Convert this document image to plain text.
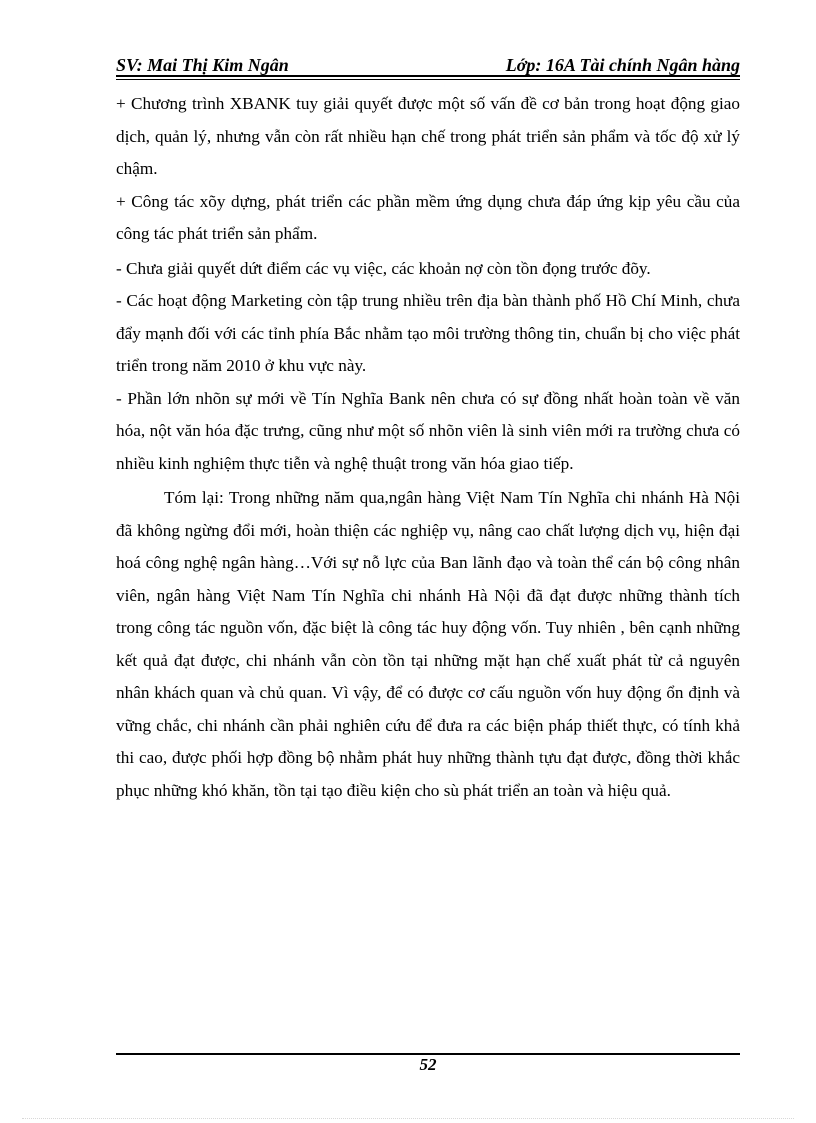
SV: Mai Thị Kim Ngân	Lớp: 16A Tài chính Ngân hàng

+ Chương trình XBANK tuy giải quyết được một số vấn đề cơ bản trong hoạt động giao dịch, quản lý, nhưng vẫn còn rất nhiều hạn chế trong phát triển sản phẩm và tốc độ xử lý chậm.

+ Công tác xõy dựng, phát triển các phần mềm ứng dụng chưa đáp ứng kịp yêu cầu của công tác phát triển sản phẩm.

- Chưa giải quyết dứt điểm các vụ việc, các khoản nợ còn tồn đọng trước đõy.

- Các hoạt động Marketing còn tập trung nhiều trên địa bàn thành phố Hồ Chí Minh, chưa đẩy mạnh đối với các tỉnh phía Bắc nhằm tạo môi trường thông tin, chuẩn bị cho việc phát triển trong năm 2010 ở khu vực này.

- Phần lớn nhõn sự mới về Tín Nghĩa Bank nên chưa có sự đồng nhất hoàn toàn về văn hóa, nột văn hóa đặc trưng, cũng như một số nhõn viên là sinh viên mới ra trường chưa có nhiều kinh nghiệm thực tiễn và nghệ thuật trong văn hóa giao tiếp.

Tóm lại: Trong những năm qua,ngân hàng Việt Nam Tín Nghĩa chi nhánh Hà Nội đã không ngừng đổi mới, hoàn thiện các nghiệp vụ, nâng cao chất lượng dịch vụ, hiện đại hoá công nghệ ngân hàng…Với sự nỗ lực của Ban lãnh đạo và toàn thể cán bộ công nhân viên, ngân hàng Việt Nam Tín Nghĩa chi nhánh Hà Nội đã đạt được những thành tích trong công tác nguồn vốn, đặc biệt là công tác huy động vốn. Tuy nhiên , bên cạnh những kết quả đạt được, chi nhánh vẫn còn tồn tại những mặt hạn chế xuất phát từ cả nguyên nhân khách quan và chủ quan. Vì vậy, để có được cơ cấu nguồn vốn huy động ổn định và vững chắc, chi nhánh cần phải nghiên cứu để đưa ra các biện pháp thiết thực, có tính khả thi cao, được phối hợp đồng bộ nhằm phát huy những thành tựu đạt được, đồng thời khắc phục những khó khăn, tồn tại tạo điều kiện cho sù phát triển an toàn và hiệu quả.

52
